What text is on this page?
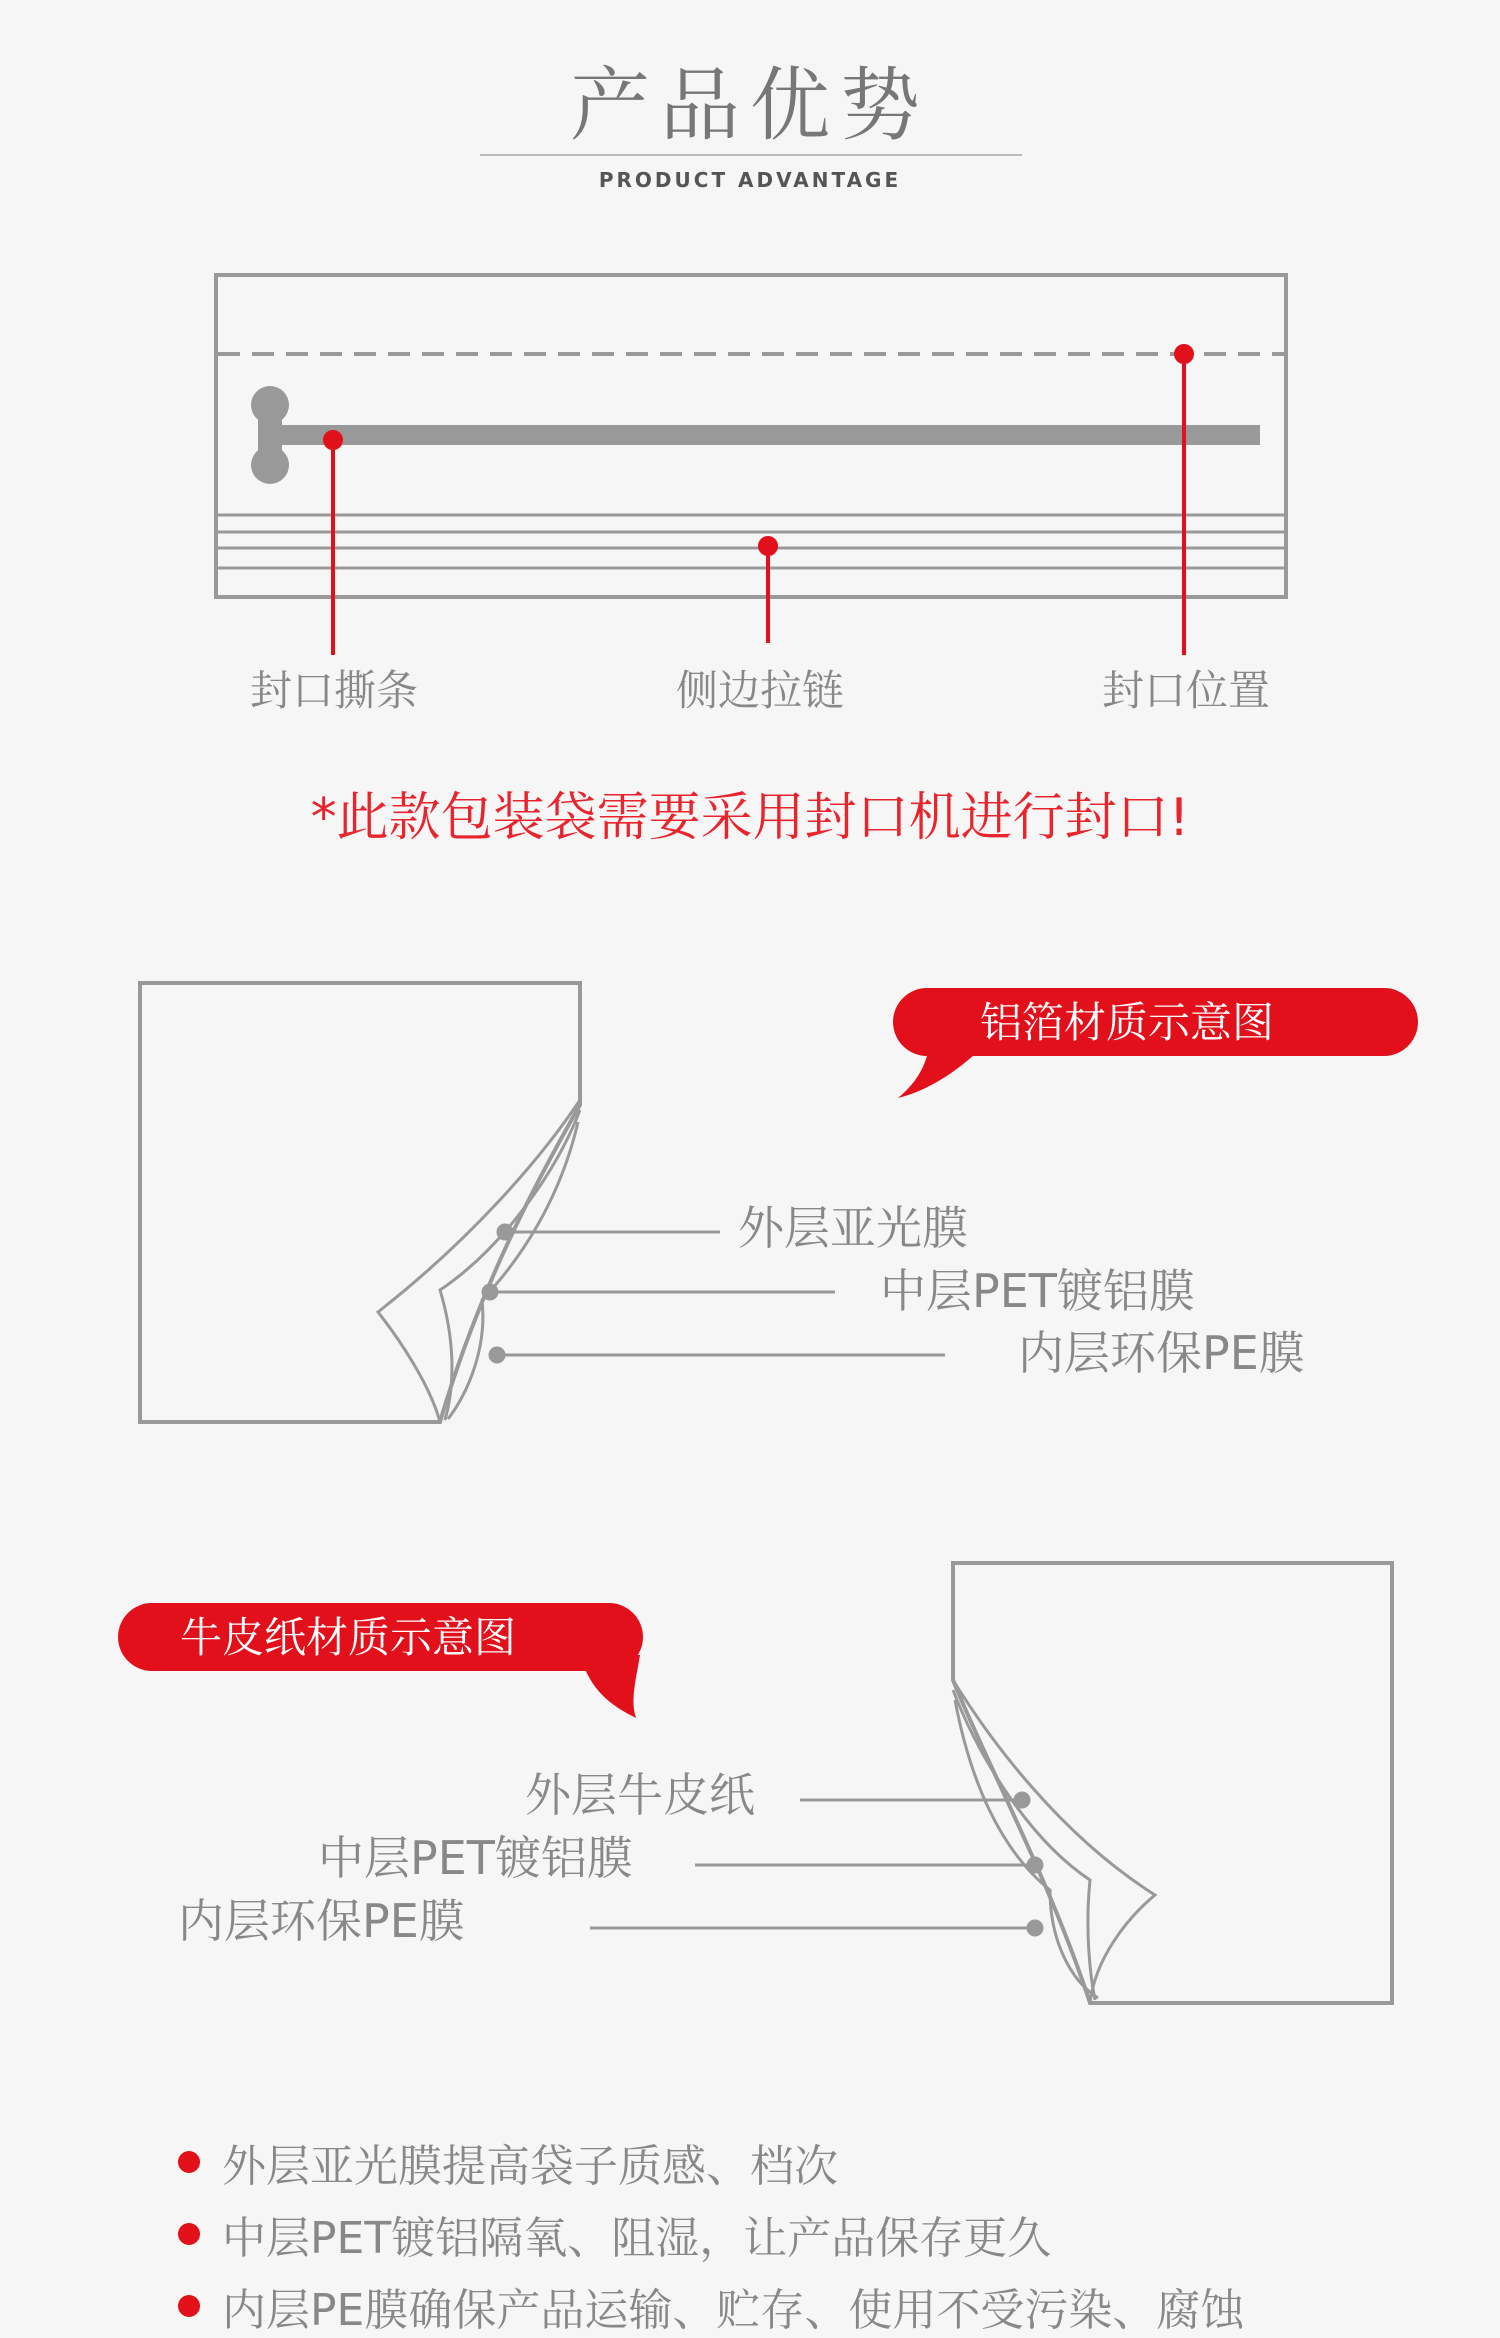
产品优势
PRODUCT ADVANTAGE
封口撕条	侧边拉链	封口位置
*此款包装袋需要采用封口机进行封口!
铝箔材质示意图
外层亚光膜
中层PET镀铝膜
内层环保PE膜
牛皮纸材质示意图
外层牛皮纸
中层PET镀铝膜
内层环保PE膜
外层亚光膜提高袋子质感、档次
中层PET镀铝隔氧、阻湿，让产品保存更久
内层PE膜确保产品运输、贮存、使用不受污染、腐蚀
